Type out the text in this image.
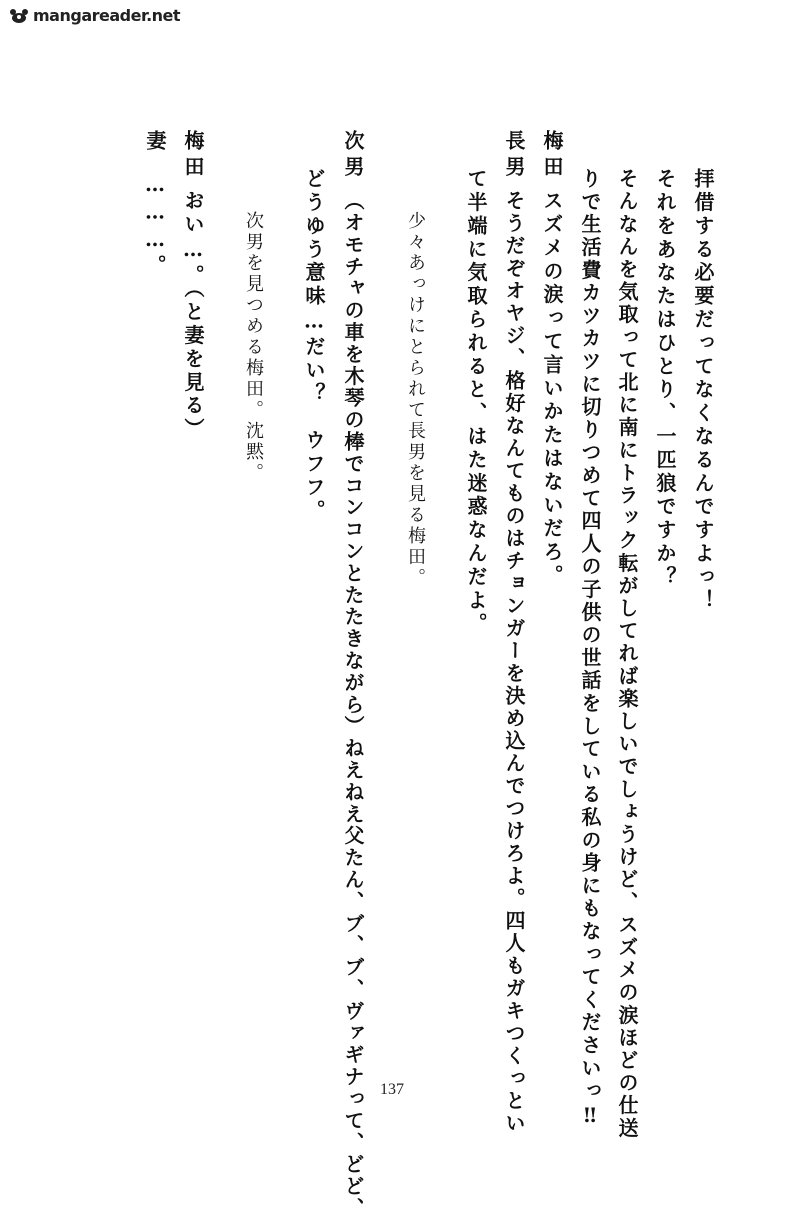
mangareader.net
拝借する必要だってなくなるんですよっ！
それをあなたはひとり、一匹狼ですか？
そんなんを気取って北に南にトラック転がしてれば楽しいでしょうけど、スズメの涙ほどの仕送
りで生活費カツカツに切りつめて四人の子供の世話をしている私の身にもなってくださいっ‼
梅田
スズメの涙って言いかたはないだろ。
長男
そうだぞオヤジ、格好なんてものはチョンガーを決め込んでつけろよ。四人もガキつくっとい
て半端に気取られると、はた迷惑なんだよ。
少々あっけにとられて長男を見る梅田。
次男
（オモチャの車を木琴の棒でコンコンとたたきながら）ねえねえ父たん、ブ、ブ、ヴァギナって、どど、
どうゆう意味…だい？　ウフフ。
次男を見つめる梅田。沈黙。
梅田
おい…。（と妻を見る）
妻
………。
137
